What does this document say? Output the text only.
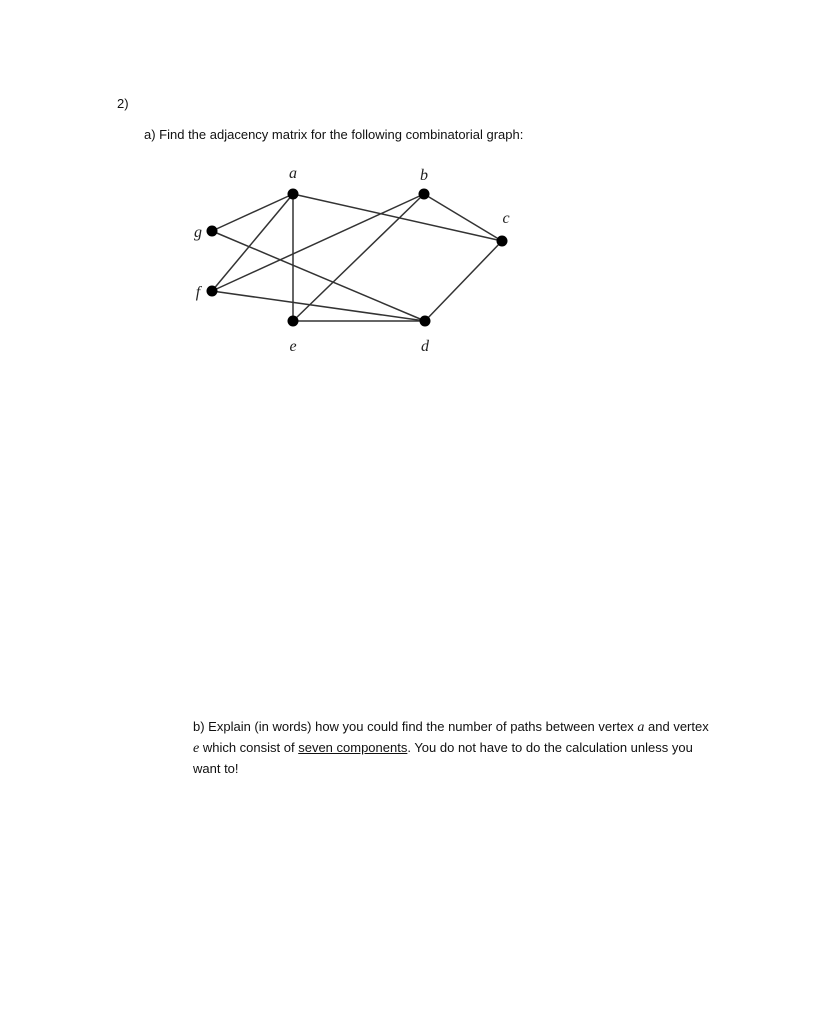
2)
a) Find the adjacency matrix for the following combinatorial graph:
a	b
c
d
e
f
g
b) Explain (in words) how you could find the number of paths between vertex a and vertex e which consist of seven components. You do not have to do the calculation unless you want to!
